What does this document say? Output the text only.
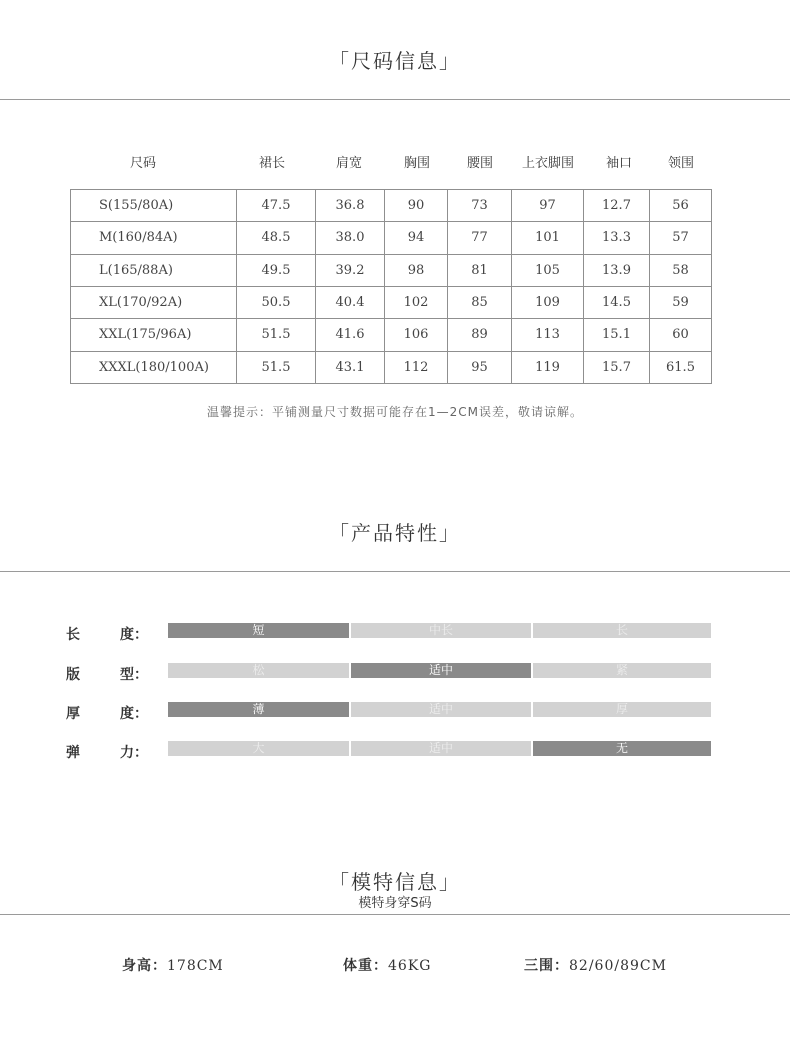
「尺码信息」
尺码	裙长	肩宽	胸围	腰围 上衣脚围 袖口	领围
S(155/80A)	47.5	36.8	90	73	97	12.7	56
M(160/84A)	48.5	38.0	94	77	101	13.3	57
L(165/88A)	49.5	39.2	98	81	105	13.9	58
XL(170/92A)	50.5	40.4	102	85	109	14.5	59
XXL(175/96A)	51.5	41.6	106	89	113	15.1	60
XXXL(180/100A)	51.5	43.1	112	95	119	15.7	61.5
温馨提示：平铺测量尺寸数据可能存在1—2CM误差，敬请谅解。
「产品特性」
长	度：	短	中长	长
版	型：	松	适中	紧
厚	度：	薄	适中	厚
弹	力：	大	适中	无
「模特信息」
模特身穿S码
身高：178CM	体重：46KG	三围：82/60/89CM
